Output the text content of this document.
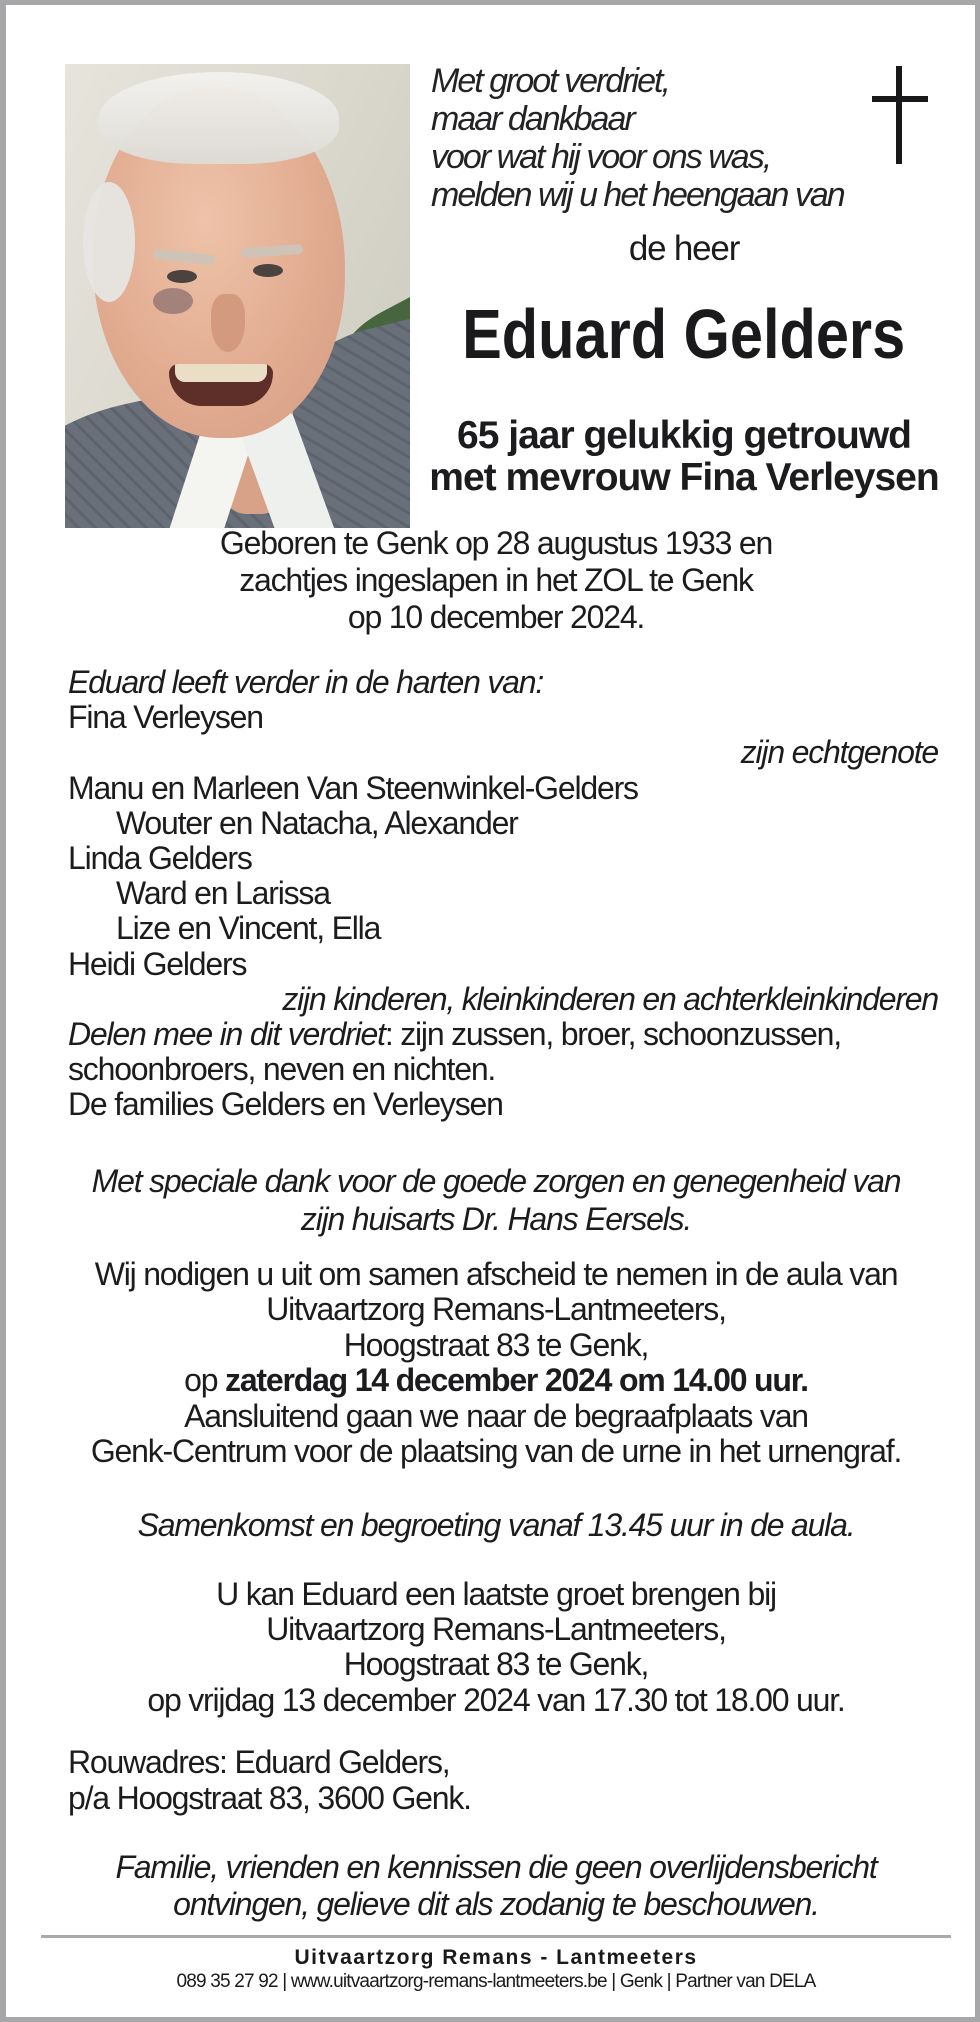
Met groot verdriet,
maar dankbaar
voor wat hij voor ons was,
melden wij u het heengaan van
de heer
Eduard Gelders
65 jaar gelukkig getrouwd
met mevrouw Fina Verleysen
Geboren te Genk op 28 augustus 1933 en
zachtjes ingeslapen in het ZOL te Genk
op 10 december 2024.
Eduard leeft verder in de harten van:
Fina Verleysen
zijn echtgenote
Manu en Marleen Van Steenwinkel-Gelders
Wouter en Natacha, Alexander
Linda Gelders
Ward en Larissa
Lize en Vincent, Ella
Heidi Gelders
zijn kinderen, kleinkinderen en achterkleinkinderen
Delen mee in dit verdriet: zijn zussen, broer, schoonzussen,
schoonbroers, neven en nichten.
De families Gelders en Verleysen
Met speciale dank voor de goede zorgen en genegenheid van
zijn huisarts Dr. Hans Eersels.
Wij nodigen u uit om samen afscheid te nemen in de aula van
Uitvaartzorg Remans-Lantmeeters,
Hoogstraat 83 te Genk,
op zaterdag 14 december 2024 om 14.00 uur.
Aansluitend gaan we naar de begraafplaats van
Genk-Centrum voor de plaatsing van de urne in het urnengraf.
Samenkomst en begroeting vanaf 13.45 uur in de aula.
U kan Eduard een laatste groet brengen bij
Uitvaartzorg Remans-Lantmeeters,
Hoogstraat 83 te Genk,
op vrijdag 13 december 2024 van 17.30 tot 18.00 uur.
Rouwadres: Eduard Gelders,
p/a Hoogstraat 83, 3600 Genk.
Familie, vrienden en kennissen die geen overlijdensbericht
ontvingen, gelieve dit als zodanig te beschouwen.
Uitvaartzorg Remans - Lantmeeters
089 35 27 92 | www.uitvaartzorg-remans-lantmeeters.be | Genk | Partner van DELA
